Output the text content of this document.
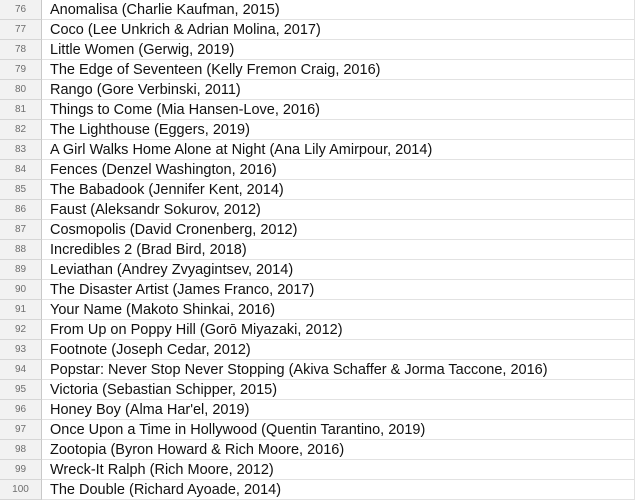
76	Anomalisa (Charlie Kaufman, 2015)
77	Coco (Lee Unkrich & Adrian Molina, 2017)
78	Little Women (Gerwig, 2019)
79	The Edge of Seventeen (Kelly Fremon Craig, 2016)
80	Rango (Gore Verbinski, 2011)
81	Things to Come (Mia Hansen-Love, 2016)
82	The Lighthouse (Eggers, 2019)
83	A Girl Walks Home Alone at Night (Ana Lily Amirpour, 2014)
84	Fences (Denzel Washington, 2016)
85	The Babadook (Jennifer Kent, 2014)
86	Faust (Aleksandr Sokurov, 2012)
87	Cosmopolis (David Cronenberg, 2012)
88	Incredibles 2 (Brad Bird, 2018)
89	Leviathan (Andrey Zvyagintsev, 2014)
90	The Disaster Artist (James Franco, 2017)
91	Your Name (Makoto Shinkai, 2016)
92	From Up on Poppy Hill (Gorō Miyazaki, 2012)
93	Footnote (Joseph Cedar, 2012)
94	Popstar: Never Stop Never Stopping (Akiva Schaffer & Jorma Taccone, 2016)
95	Victoria (Sebastian Schipper, 2015)
96	Honey Boy (Alma Har'el, 2019)
97	Once Upon a Time in Hollywood (Quentin Tarantino, 2019)
98	Zootopia (Byron Howard & Rich Moore, 2016)
99	Wreck-It Ralph (Rich Moore, 2012)
100	The Double (Richard Ayoade, 2014)
